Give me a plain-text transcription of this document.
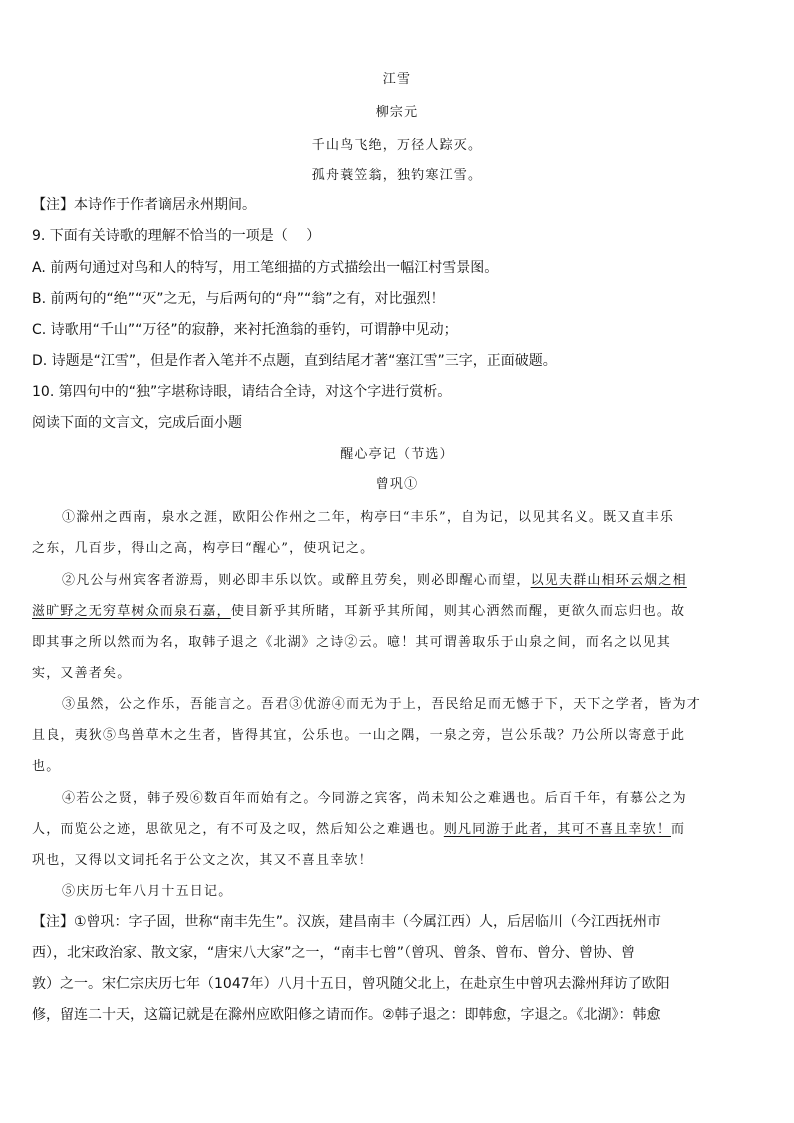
江雪
柳宗元
千山鸟飞绝，万径人踪灭。
孤舟蓑笠翁，独钓寒江雪。
【注】本诗作于作者谪居永州期间。
9. 下面有关诗歌的理解不恰当的一项是（　 ）
A. 前两句通过对鸟和人的特写，用工笔细描的方式描绘出一幅江村雪景图。
B. 前两句的“绝”“灭”之无，与后两句的“舟”“翁”之有，对比强烈！
C. 诗歌用“千山”“万径”的寂静，来衬托渔翁的垂钓，可谓静中见动；
D. 诗题是“江雪”，但是作者入笔并不点题，直到结尾才著“塞江雪”三字，正面破题。
10. 第四句中的“独”字堪称诗眼，请结合全诗，对这个字进行赏析。
阅读下面的文言文，完成后面小题
醒心亭记（节选）
曾巩①
①滁州之西南，泉水之涯，欧阳公作州之二年，构亭曰“丰乐”，自为记，以见其名义。既又直丰乐
之东，几百步，得山之高，构亭曰“醒心”，使巩记之。
②凡公与州宾客者游焉，则必即丰乐以饮。或醉且劳矣，则必即醒心而望，以见夫群山相环云烟之相
滋旷野之无穷草树众而泉石嘉，使目新乎其所睹，耳新乎其所闻，则其心洒然而醒，更欲久而忘归也。故
即其事之所以然而为名，取韩子退之《北湖》之诗②云。噫！其可谓善取乐于山泉之间，而名之以见其
实，又善者矣。
③虽然，公之作乐，吾能言之。吾君③优游④而无为于上，吾民给足而无憾于下，天下之学者，皆为才
且良，夷狄⑤鸟兽草木之生者，皆得其宜，公乐也。一山之隅，一泉之旁，岂公乐哉？乃公所以寄意于此
也。
④若公之贤，韩子殁⑥数百年而始有之。今同游之宾客，尚未知公之难遇也。后百千年，有慕公之为
人，而览公之迹，思欲见之，有不可及之叹，然后知公之难遇也。则凡同游于此者，其可不喜且幸欤！而
巩也，又得以文词托名于公文之次，其又不喜且幸欤！
⑤庆历七年八月十五日记。
【注】①曾巩：字子固，世称“南丰先生”。汉族，建昌南丰（今属江西）人，后居临川（今江西抚州市
西），北宋政治家、散文家，“唐宋八大家”之一，“南丰七曾”（曾巩、曾条、曾布、曾分、曾协、曾
敦）之一。宋仁宗庆历七年（1047年）八月十五日，曾巩随父北上，在赴京生中曾巩去滁州拜访了欧阳
修，留连二十天，这篇记就是在滁州应欧阳修之请而作。②韩子退之：即韩愈，字退之。《北湖》：韩愈
